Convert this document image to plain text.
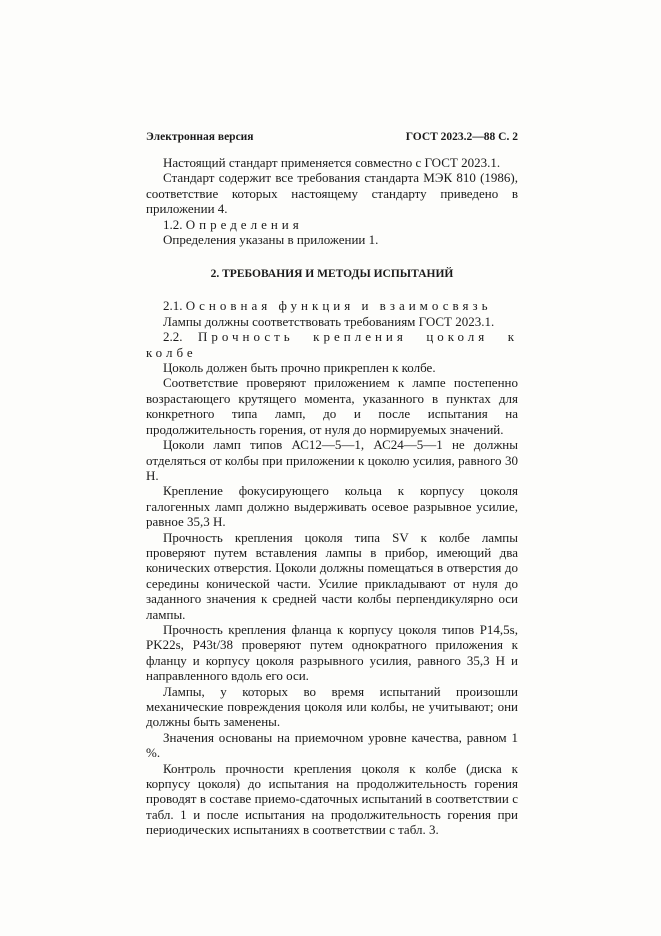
Электронная версия	ГОСТ 2023.2—88 С. 2

Настоящий стандарт применяется совместно с ГОСТ 2023.1.

Стандарт содержит все требования стандарта МЭК 810 (1986), соответствие которых настоящему стандарту приведено в приложении 4.

1.2. Определения

Определения указаны в приложении 1.

2. ТРЕБОВАНИЯ И МЕТОДЫ ИСПЫТАНИЙ

2.1. Основная функция и взаимосвязь

Лампы должны соответствовать требованиям ГОСТ 2023.1.

2.2. Прочность крепления цоколя к колбе

Цоколь должен быть прочно прикреплен к колбе.

Соответствие проверяют приложением к лампе постепенно возрастающего крутящего момента, указанного в пунктах для конкретного типа ламп, до и после испытания на продолжительность горения, от нуля до нормируемых значений.

Цоколи ламп типов АС12—5—1, АС24—5—1 не должны отделяться от колбы при приложении к цоколю усилия, равного 30 Н.

Крепление фокусирующего кольца к корпусу цоколя галогенных ламп должно выдерживать осевое разрывное усилие, равное 35,3 Н.

Прочность крепления цоколя типа SV к колбе лампы проверяют путем вставления лампы в прибор, имеющий два конических отверстия. Цоколи должны помещаться в отверстия до середины конической части. Усилие прикладывают от нуля до заданного значения к средней части колбы перпендикулярно оси лампы.

Прочность крепления фланца к корпусу цоколя типов P14,5s, PK22s, P43t/38 проверяют путем однократного приложения к фланцу и корпусу цоколя разрывного усилия, равного 35,3 Н и направленного вдоль его оси.

Лампы, у которых во время испытаний произошли механические повреждения цоколя или колбы, не учитывают; они должны быть заменены.

Значения основаны на приемочном уровне качества, равном 1 %.

Контроль прочности крепления цоколя к колбе (диска к корпусу цоколя) до испытания на продолжительность горения проводят в составе приемо-сдаточных испытаний в соответствии с табл. 1 и после испытания на продолжительность горения при периодических испытаниях в соответствии с табл. 3.
